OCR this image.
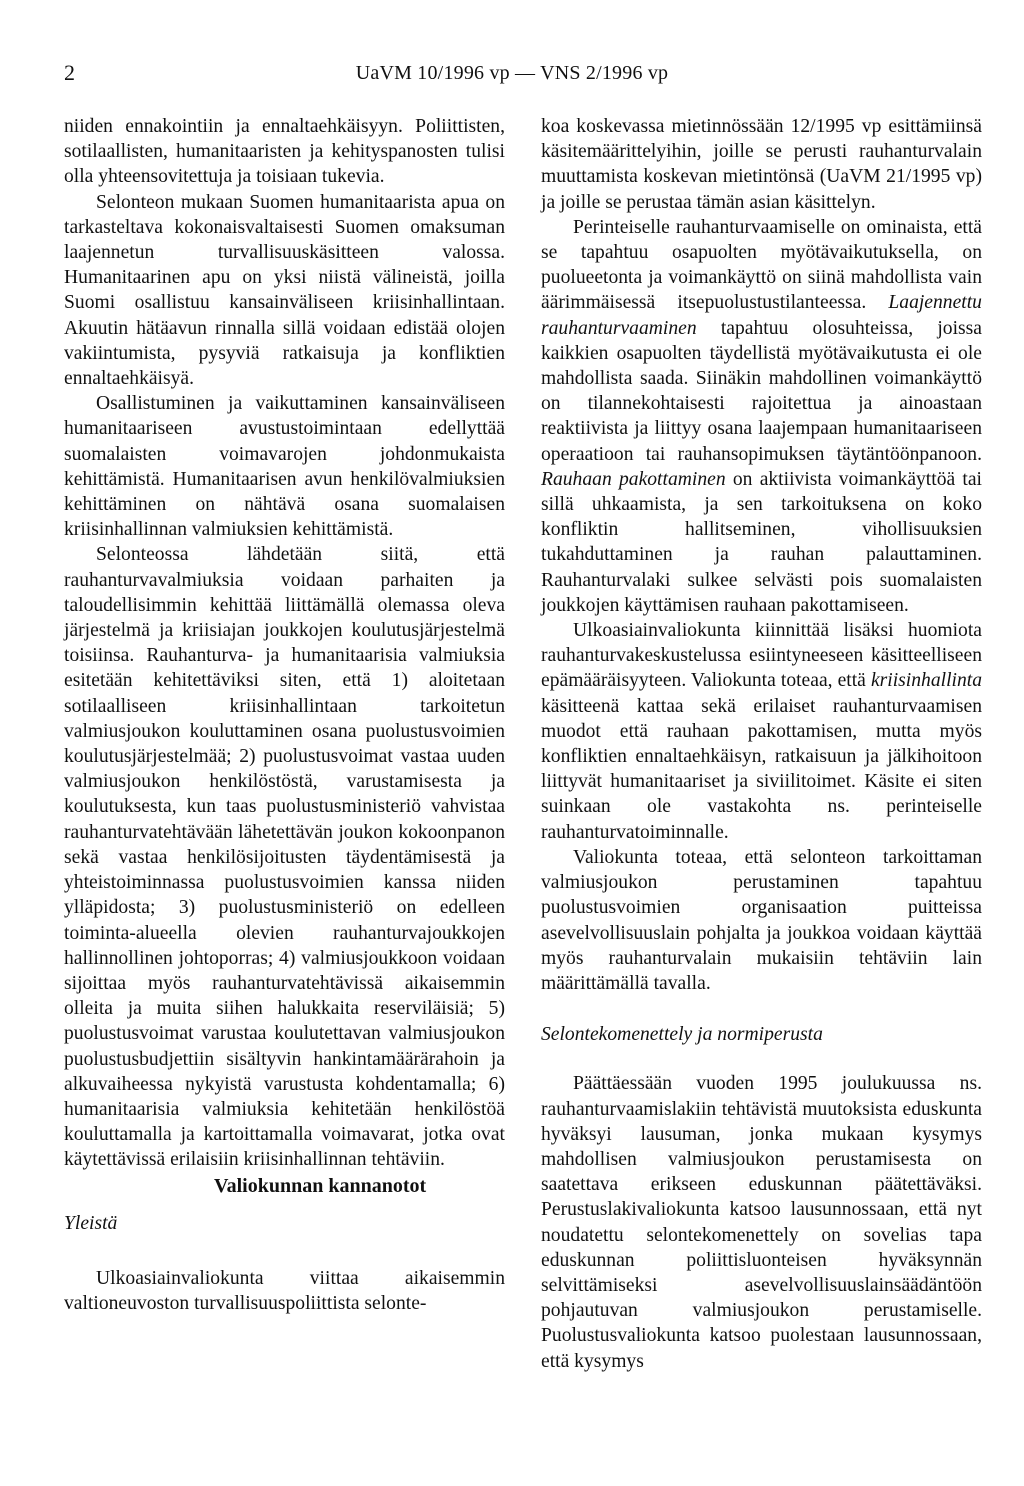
2	UaVM 10/1996 vp — VNS 2/1996 vp

niiden ennakointiin ja ennaltaehkäisyyn. Poliittisten, sotilaallisten, humanitaaristen ja kehityspanosten tulisi olla yhteensovitettuja ja toisiaan tukevia.

Selonteon mukaan Suomen humanitaarista apua on tarkasteltava kokonaisvaltaisesti Suomen omaksuman laajennetun turvallisuuskäsitteen valossa. Humanitaarinen apu on yksi niistä välineistä, joilla Suomi osallistuu kansainväliseen kriisinhallintaan. Akuutin hätäavun rinnalla sillä voidaan edistää olojen vakiintumista, pysyviä ratkaisuja ja konfliktien ennaltaehkäisyä.

Osallistuminen ja vaikuttaminen kansainväliseen humanitaariseen avustustoimintaan edellyttää suomalaisten voimavarojen johdonmukaista kehittämistä. Humanitaarisen avun henkilövalmiuksien kehittäminen on nähtävä osana suomalaisen kriisinhallinnan valmiuksien kehittämistä.

Selonteossa lähdetään siitä, että rauhanturvavalmiuksia voidaan parhaiten ja taloudellisimmin kehittää liittämällä olemassa oleva järjestelmä ja kriisiajan joukkojen koulutusjärjestelmä toisiinsa. Rauhanturva- ja humanitaarisia valmiuksia esitetään kehitettäviksi siten, että 1) aloitetaan sotilaalliseen kriisinhallintaan tarkoitetun valmiusjoukon kouluttaminen osana puolustusvoimien koulutusjärjestelmää; 2) puolustusvoimat vastaa uuden valmiusjoukon henkilöstöstä, varustamisesta ja koulutuksesta, kun taas puolustusministeriö vahvistaa rauhanturvatehtävään lähetettävän joukon kokoonpanon sekä vastaa henkilösijoitusten täydentämisestä ja yhteistoiminnassa puolustusvoimien kanssa niiden ylläpidosta; 3) puolustusministeriö on edelleen toiminta-alueella olevien rauhanturvajoukkojen hallinnollinen johtoporras; 4) valmiusjoukkoon voidaan sijoittaa myös rauhanturvatehtävissä aikaisemmin olleita ja muita siihen halukkaita reserviläisiä; 5) puolustusvoimat varustaa koulutettavan valmiusjoukon puolustusbudjettiin sisältyvin hankintamäärärahoin ja alkuvaiheessa nykyistä varustusta kohdentamalla; 6) humanitaarisia valmiuksia kehitetään henkilöstöä kouluttamalla ja kartoittamalla voimavarat, jotka ovat käytettävissä erilaisiin kriisinhallinnan tehtäviin.

Valiokunnan kannanotot

Yleistä

Ulkoasiainvaliokunta viittaa aikaisemmin valtioneuvoston turvallisuuspoliittista selonte-

koa koskevassa mietinnössään 12/1995 vp esittämiinsä käsitemäärittelyihin, joille se perusti rauhanturvalain muuttamista koskevan mietintönsä (UaVM 21/1995 vp) ja joille se perustaa tämän asian käsittelyn.

Perinteiselle rauhanturvaamiselle on ominaista, että se tapahtuu osapuolten myötävaikutuksella, on puolueetonta ja voimankäyttö on siinä mahdollista vain äärimmäisessä itsepuolustustilanteessa. Laajennettu rauhanturvaaminen tapahtuu olosuhteissa, joissa kaikkien osapuolten täydellistä myötävaikutusta ei ole mahdollista saada. Siinäkin mahdollinen voimankäyttö on tilannekohtaisesti rajoitettua ja ainoastaan reaktiivista ja liittyy osana laajempaan humanitaariseen operaatioon tai rauhansopimuksen täytäntöönpanoon. Rauhaan pakottaminen on aktiivista voimankäyttöä tai sillä uhkaamista, ja sen tarkoituksena on koko konfliktin hallitseminen, vihollisuuksien tukahduttaminen ja rauhan palauttaminen. Rauhanturvalaki sulkee selvästi pois suomalaisten joukkojen käyttämisen rauhaan pakottamiseen.

Ulkoasiainvaliokunta kiinnittää lisäksi huomiota rauhanturvakeskustelussa esiintyneeseen käsitteelliseen epämääräisyyteen. Valiokunta toteaa, että kriisinhallinta käsitteenä kattaa sekä erilaiset rauhanturvaamisen muodot että rauhaan pakottamisen, mutta myös konfliktien ennaltaehkäisyn, ratkaisuun ja jälkihoitoon liittyvät humanitaariset ja siviilitoimet. Käsite ei siten suinkaan ole vastakohta ns. perinteiselle rauhanturvatoiminnalle.

Valiokunta toteaa, että selonteon tarkoittaman valmiusjoukon perustaminen tapahtuu puolustusvoimien organisaation puitteissa asevelvollisuuslain pohjalta ja joukkoa voidaan käyttää myös rauhanturvalain mukaisiin tehtäviin lain määrittämällä tavalla.

Selontekomenettely ja normiperusta

Päättäessään vuoden 1995 joulukuussa ns. rauhanturvaamislakiin tehtävistä muutoksista eduskunta hyväksyi lausuman, jonka mukaan kysymys mahdollisen valmiusjoukon perustamisesta on saatettava erikseen eduskunnan päätettäväksi. Perustuslakivaliokunta katsoo lausunnossaan, että nyt noudatettu selontekomenettely on sovelias tapa eduskunnan poliittisluonteisen hyväksynnän selvittämiseksi asevelvollisuuslainsäädäntöön pohjautuvan valmiusjoukon perustamiselle. Puolustusvaliokunta katsoo puolestaan lausunnossaan, että kysymys
